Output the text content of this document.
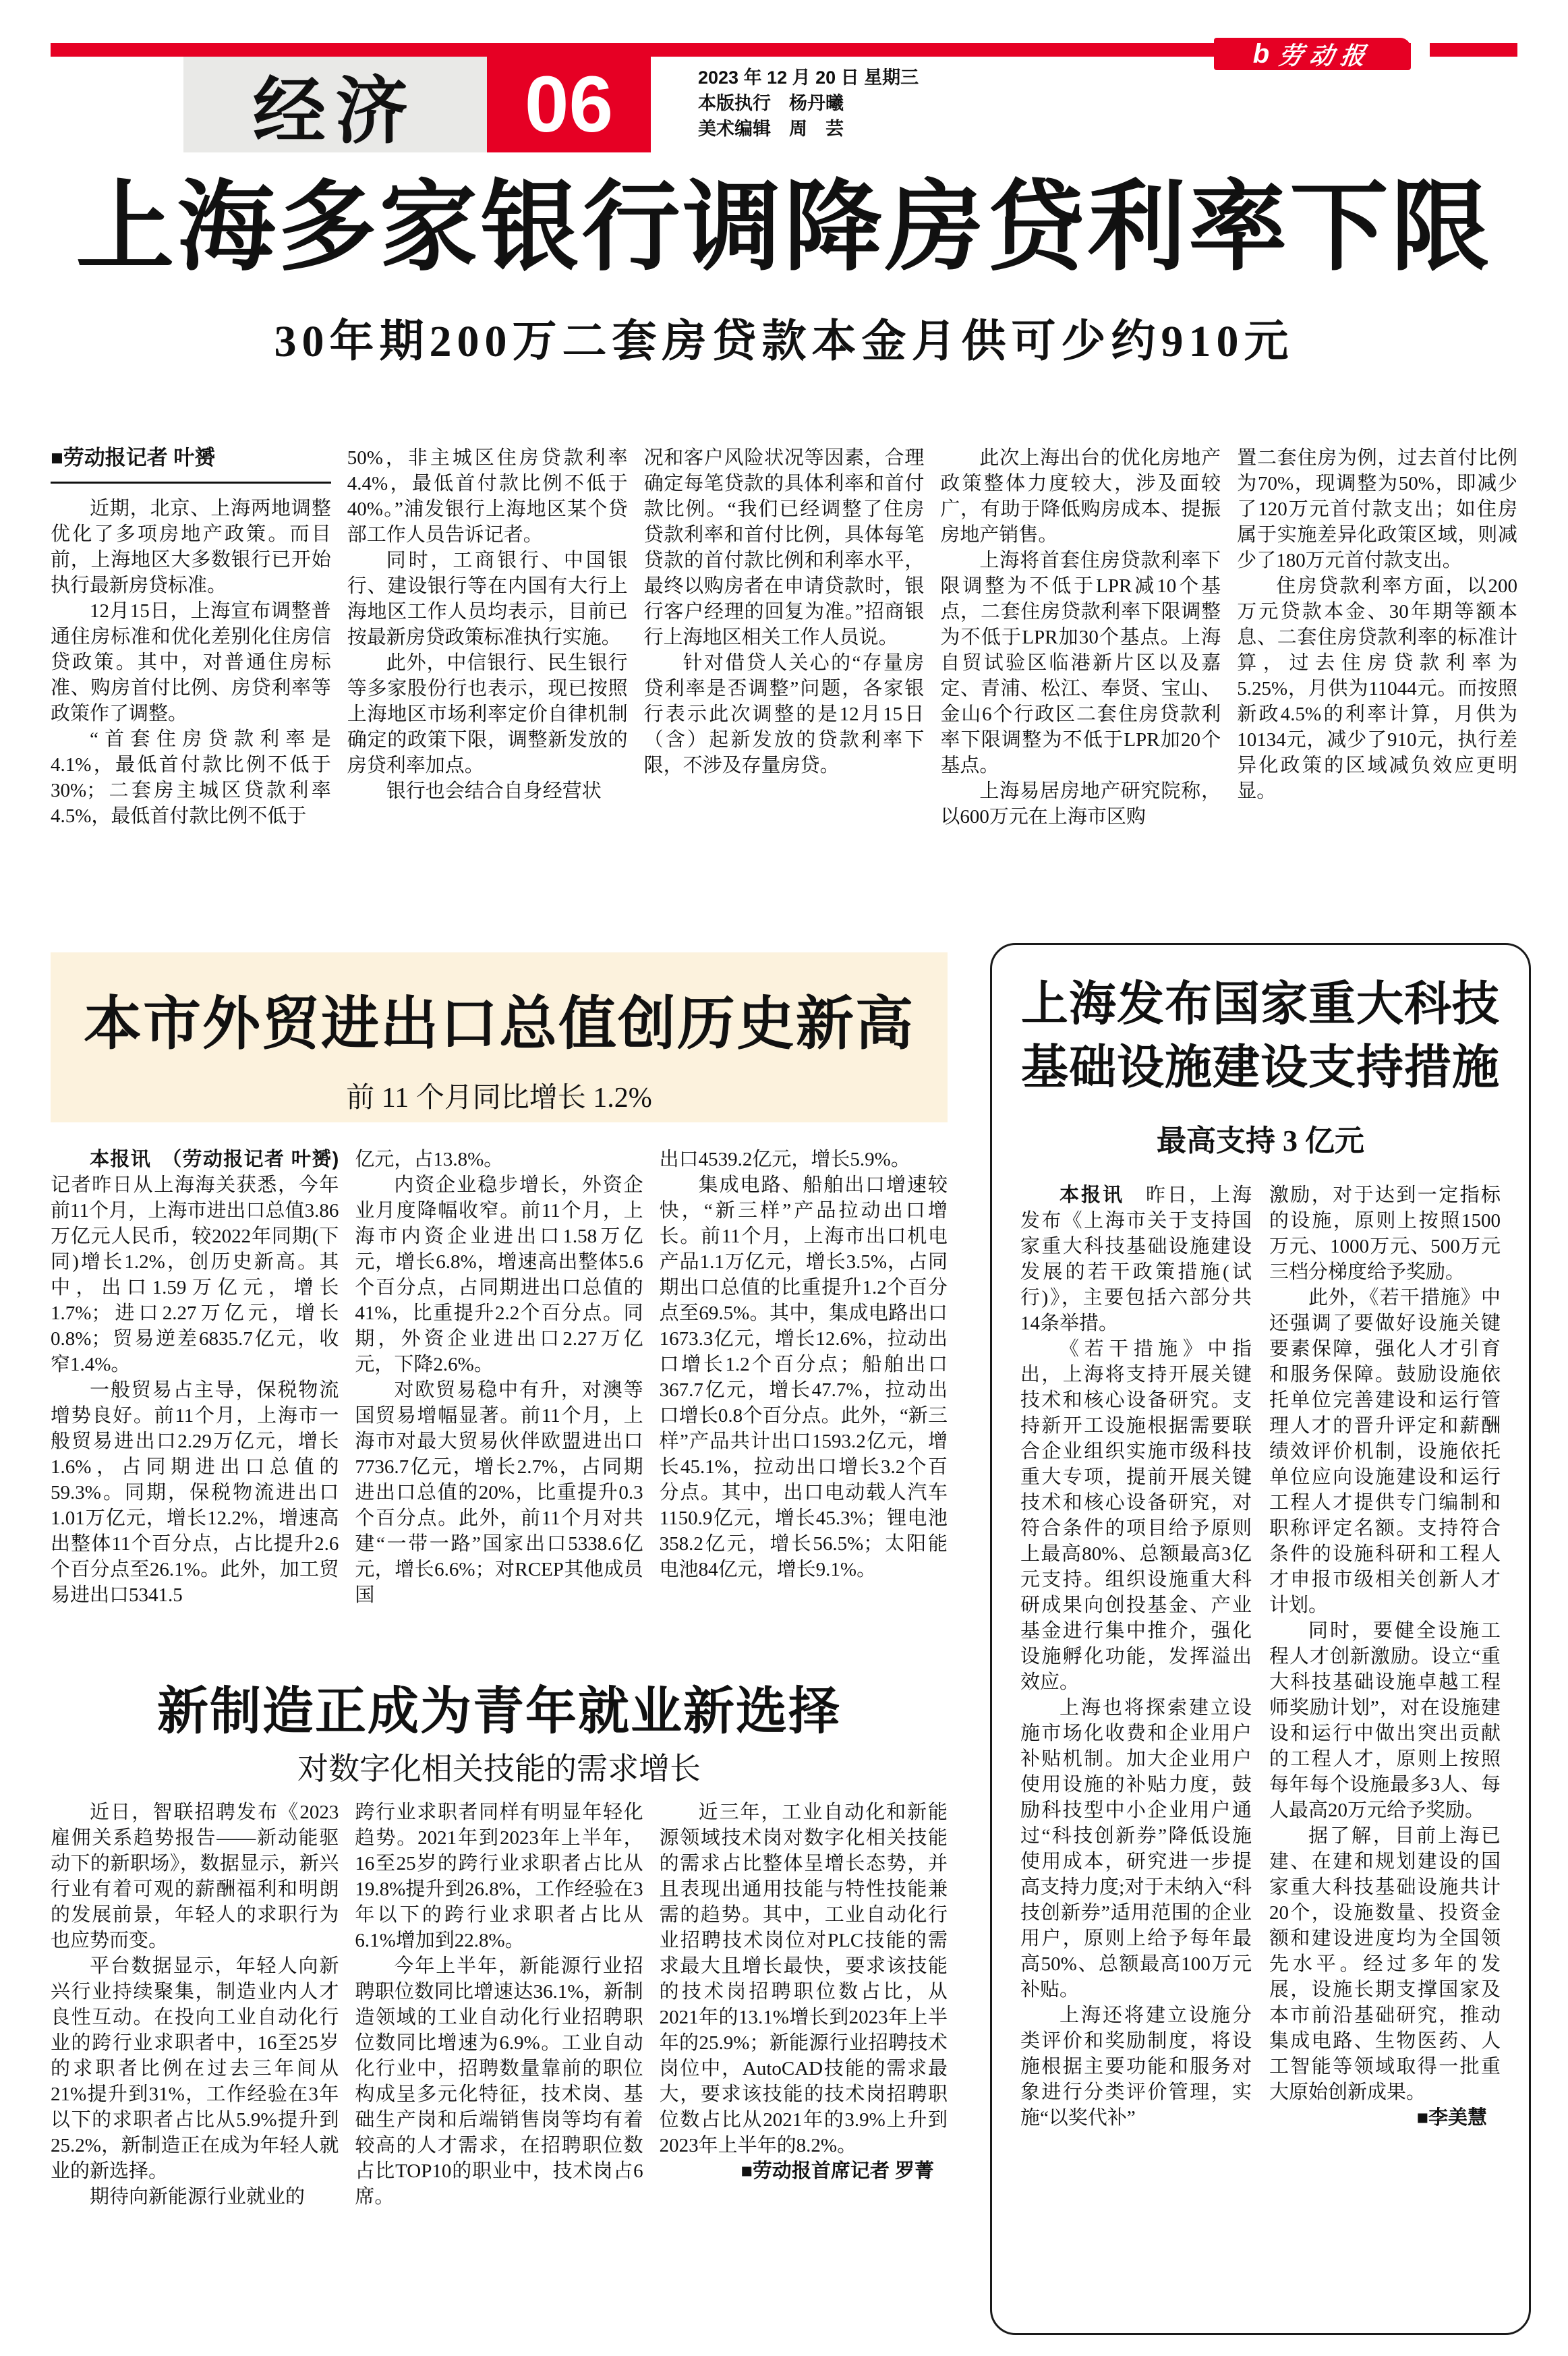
经济 06	2023 年 12 月 20 日 星期三
本版执行　杨丹曦
美术编辑　周　芸
b 劳动报
上海多家银行调降房贷利率下限
30年期200万二套房贷款本金月供可少约910元

■劳动报记者 叶赟

近期，北京、上海两地调整优化了多项房地产政策。而目前，上海地区大多数银行已开始执行最新房贷标准。

12月15日，上海宣布调整普通住房标准和优化差别化住房信贷政策。其中，对普通住房标准、购房首付比例、房贷利率等政策作了调整。

“首套住房贷款利率是4.1%，最低首付款比例不低于30%；二套房主城区贷款利率4.5%，最低首付款比例不低于

50%，非主城区住房贷款利率4.4%，最低首付款比例不低于40%。”浦发银行上海地区某个贷部工作人员告诉记者。

同时，工商银行、中国银行、建设银行等在内国有大行上海地区工作人员均表示，目前已按最新房贷政策标准执行实施。

此外，中信银行、民生银行等多家股份行也表示，现已按照上海地区市场利率定价自律机制确定的政策下限，调整新发放的房贷利率加点。

银行也会结合自身经营状

况和客户风险状况等因素，合理确定每笔贷款的具体利率和首付款比例。“我们已经调整了住房贷款利率和首付比例，具体每笔贷款的首付款比例和利率水平，最终以购房者在申请贷款时，银行客户经理的回复为准。”招商银行上海地区相关工作人员说。

针对借贷人关心的“存量房贷利率是否调整”问题，各家银行表示此次调整的是12月15日（含）起新发放的贷款利率下限，不涉及存量房贷。

此次上海出台的优化房地产政策整体力度较大，涉及面较广，有助于降低购房成本、提振房地产销售。

上海将首套住房贷款利率下限调整为不低于LPR减10个基点，二套住房贷款利率下限调整为不低于LPR加30个基点。上海自贸试验区临港新片区以及嘉定、青浦、松江、奉贤、宝山、金山6个行政区二套住房贷款利率下限调整为不低于LPR加20个基点。

上海易居房地产研究院称，以600万元在上海市区购

置二套住房为例，过去首付比例为70%，现调整为50%，即减少了120万元首付款支出；如住房属于实施差异化政策区域，则减少了180万元首付款支出。

住房贷款利率方面，以200万元贷款本金、30年期等额本息、二套住房贷款利率的标准计算，过去住房贷款利率为5.25%，月供为11044元。而按照新政4.5%的利率计算，月供为10134元，减少了910元，执行差异化政策的区域减负效应更明显。

本市外贸进出口总值创历史新高
前 11 个月同比增长 1.2%

本报讯　（劳动报记者 叶赟)记者昨日从上海海关获悉，今年前11个月，上海市进出口总值3.86万亿元人民币，较2022年同期(下同)增长1.2%，创历史新高。其中，出口1.59万亿元，增长1.7%；进口2.27万亿元，增长0.8%；贸易逆差6835.7亿元，收窄1.4%。

一般贸易占主导，保税物流增势良好。前11个月，上海市一般贸易进出口2.29万亿元，增长1.6%，占同期进出口总值的59.3%。同期，保税物流进出口1.01万亿元，增长12.2%，增速高出整体11个百分点，占比提升2.6个百分点至26.1%。此外，加工贸易进出口5341.5

亿元，占13.8%。

内资企业稳步增长，外资企业月度降幅收窄。前11个月，上海市内资企业进出口1.58万亿元，增长6.8%，增速高出整体5.6个百分点，占同期进出口总值的41%，比重提升2.2个百分点。同期，外资企业进出口2.27万亿元，下降2.6%。

对欧贸易稳中有升，对澳等国贸易增幅显著。前11个月，上海市对最大贸易伙伴欧盟进出口7736.7亿元，增长2.7%，占同期进出口总值的20%，比重提升0.3个百分点。此外，前11个月对共建“一带一路”国家出口5338.6亿元，增长6.6%；对RCEP其他成员国

出口4539.2亿元，增长5.9%。

集成电路、船舶出口增速较快，“新三样”产品拉动出口增长。前11个月，上海市出口机电产品1.1万亿元，增长3.5%，占同期出口总值的比重提升1.2个百分点至69.5%。其中，集成电路出口1673.3亿元，增长12.6%，拉动出口增长1.2个百分点；船舶出口367.7亿元，增长47.7%，拉动出口增长0.8个百分点。此外，“新三样”产品共计出口1593.2亿元，增长45.1%，拉动出口增长3.2个百分点。其中，出口电动载人汽车1150.9亿元，增长45.3%；锂电池358.2亿元，增长56.5%；太阳能电池84亿元，增长9.1%。

新制造正成为青年就业新选择
对数字化相关技能的需求增长

近日，智联招聘发布《2023雇佣关系趋势报告——新动能驱动下的新职场》，数据显示，新兴行业有着可观的薪酬福利和明朗的发展前景，年轻人的求职行为也应势而变。

平台数据显示，年轻人向新兴行业持续聚集，制造业内人才良性互动。在投向工业自动化行业的跨行业求职者中，16至25岁的求职者比例在过去三年间从21%提升到31%，工作经验在3年以下的求职者占比从5.9%提升到25.2%，新制造正在成为年轻人就业的新选择。

期待向新能源行业就业的

跨行业求职者同样有明显年轻化趋势。2021年到2023年上半年，16至25岁的跨行业求职者占比从19.8%提升到26.8%，工作经验在3年以下的跨行业求职者占比从6.1%增加到22.8%。

今年上半年，新能源行业招聘职位数同比增速达36.1%，新制造领域的工业自动化行业招聘职位数同比增速为6.9%。工业自动化行业中，招聘数量靠前的职位构成呈多元化特征，技术岗、基础生产岗和后端销售岗等均有着较高的人才需求，在招聘职位数占比TOP10的职业中，技术岗占6席。

近三年，工业自动化和新能源领域技术岗对数字化相关技能的需求占比整体呈增长态势，并且表现出通用技能与特性技能兼需的趋势。其中，工业自动化行业招聘技术岗位对PLC技能的需求最大且增长最快，要求该技能的技术岗招聘职位数占比，从2021年的13.1%增长到2023年上半年的25.9%；新能源行业招聘技术岗位中，AutoCAD技能的需求最大，要求该技能的技术岗招聘职位数占比从2021年的3.9%上升到2023年上半年的8.2%。

■劳动报首席记者 罗菁

上海发布国家重大科技
基础设施建设支持措施
最高支持 3 亿元

本报讯　昨日，上海发布《上海市关于支持国家重大科技基础设施建设发展的若干政策措施(试行)》，主要包括六部分共14条举措。

《若干措施》中指出，上海将支持开展关键技术和核心设备研究。支持新开工设施根据需要联合企业组织实施市级科技重大专项，提前开展关键技术和核心设备研究，对符合条件的项目给予原则上最高80%、总额最高3亿元支持。组织设施重大科研成果向创投基金、产业基金进行集中推介，强化设施孵化功能，发挥溢出效应。

上海也将探索建立设施市场化收费和企业用户补贴机制。加大企业用户使用设施的补贴力度，鼓励科技型中小企业用户通过“科技创新券”降低设施使用成本，研究进一步提高支持力度;对于未纳入“科技创新券”适用范围的企业用户，原则上给予每年最高50%、总额最高100万元补贴。

上海还将建立设施分类评价和奖励制度，将设施根据主要功能和服务对象进行分类评价管理，实施“以奖代补”

激励，对于达到一定指标的设施，原则上按照1500万元、1000万元、500万元三档分梯度给予奖励。

此外，《若干措施》中还强调了要做好设施关键要素保障，强化人才引育和服务保障。鼓励设施依托单位完善建设和运行管理人才的晋升评定和薪酬绩效评价机制，设施依托单位应向设施建设和运行工程人才提供专门编制和职称评定名额。支持符合条件的设施科研和工程人才申报市级相关创新人才计划。

同时，要健全设施工程人才创新激励。设立“重大科技基础设施卓越工程师奖励计划”，对在设施建设和运行中做出突出贡献的工程人才，原则上按照每年每个设施最多3人、每人最高20万元给予奖励。

据了解，目前上海已建、在建和规划建设的国家重大科技基础设施共计20个，设施数量、投资金额和建设进度均为全国领先水平。经过多年的发展，设施长期支撑国家及本市前沿基础研究，推动集成电路、生物医药、人工智能等领域取得一批重大原始创新成果。

■李美慧
